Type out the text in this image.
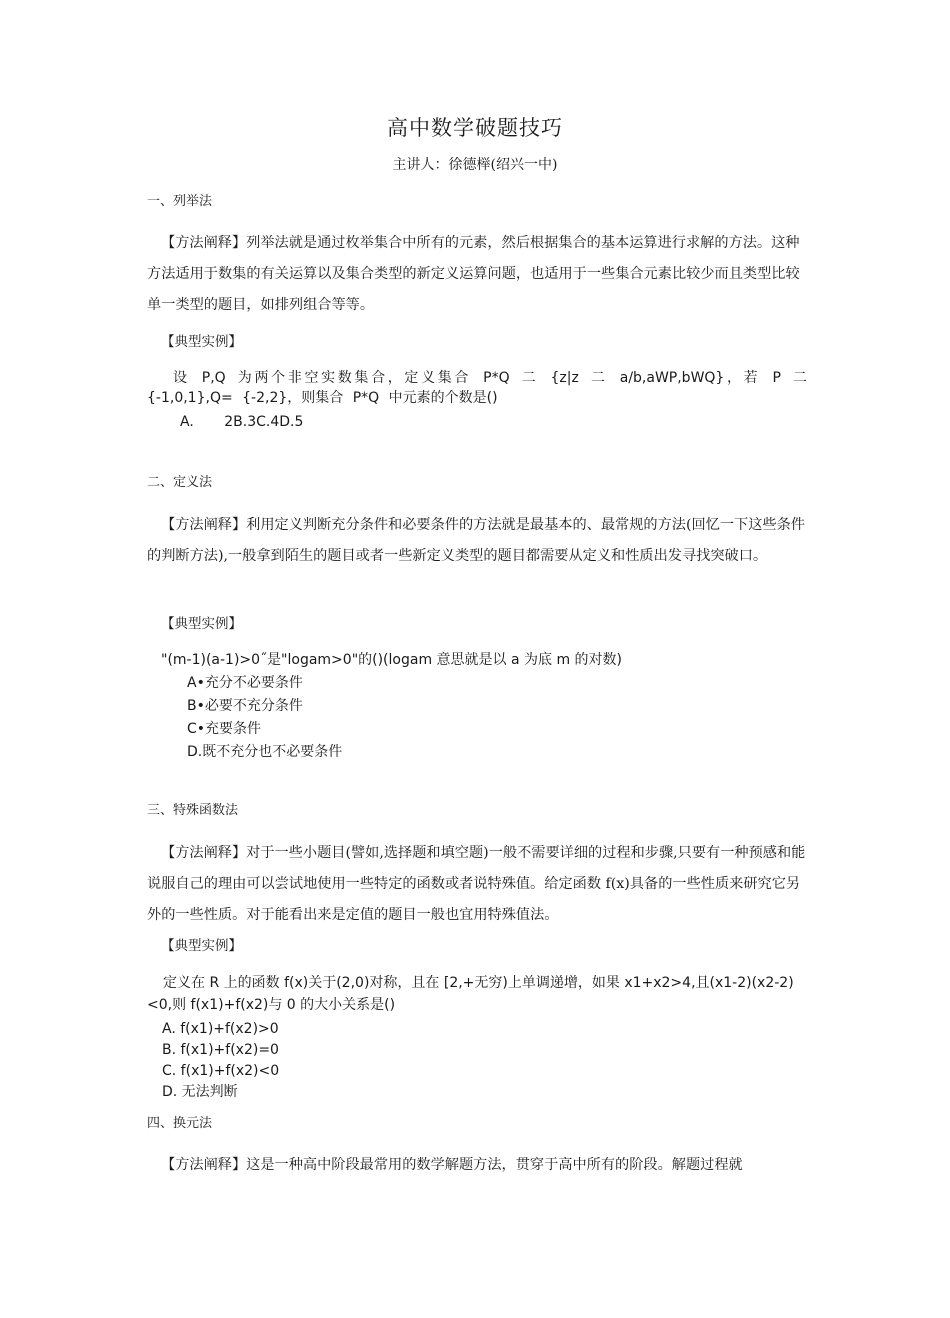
高中数学破题技巧
主讲人：徐德榉(绍兴一中)
一、列举法
【方法阐释】列举法就是通过枚举集合中所有的元素，然后根据集合的基本运算进行求解的方法。这种方法适用于数集的有关运算以及集合类型的新定义运算问题，也适用于一些集合元素比较少而且类型比较单一类型的题目，如排列组合等等。
【典型实例】
设 P,Q 为两个非空实数集合，定义集合 P*Q 二 {z|z 二 a/b,aWP,bWQ}，若 P 二 {-1,0,1},Q= {-2,2}，则集合 P*Q 中元素的个数是()
A. 2B.3C.4D.5
二、定义法
【方法阐释】利用定义判断充分条件和必要条件的方法就是最基本的、最常规的方法(回忆一下这些条件的判断方法),一般拿到陌生的题目或者一些新定义类型的题目都需要从定义和性质出发寻找突破口。
【典型实例】
"(m-1)(a-1)>0˝是"logam>0"的()(logam 意思就是以 a 为底 m 的对数)
A•充分不必要条件
B•必要不充分条件
C•充要条件
D.既不充分也不必要条件
三、特殊函数法
【方法阐释】对于一些小题目(譬如,选择题和填空题)一般不需要详细的过程和步骤,只要有一种预感和能说服自己的理由可以尝试地使用一些特定的函数或者说特殊值。给定函数 f(x)具备的一些性质来研究它另外的一些性质。对于能看出来是定值的题目一般也宜用特殊值法。
【典型实例】
定义在 R 上的函数 f(x)关于(2,0)对称，且在 [2,+无穷)上单调递增，如果 x1+x2>4,且(x1-2)(x2-2)<0,则 f(x1)+f(x2)与 0 的大小关系是()
A. f(x1)+f(x2)>0
B. f(x1)+f(x2)=0
C. f(x1)+f(x2)<0
D. 无法判断
四、换元法
【方法阐释】这是一种高中阶段最常用的数学解题方法，贯穿于高中所有的阶段。解题过程就
